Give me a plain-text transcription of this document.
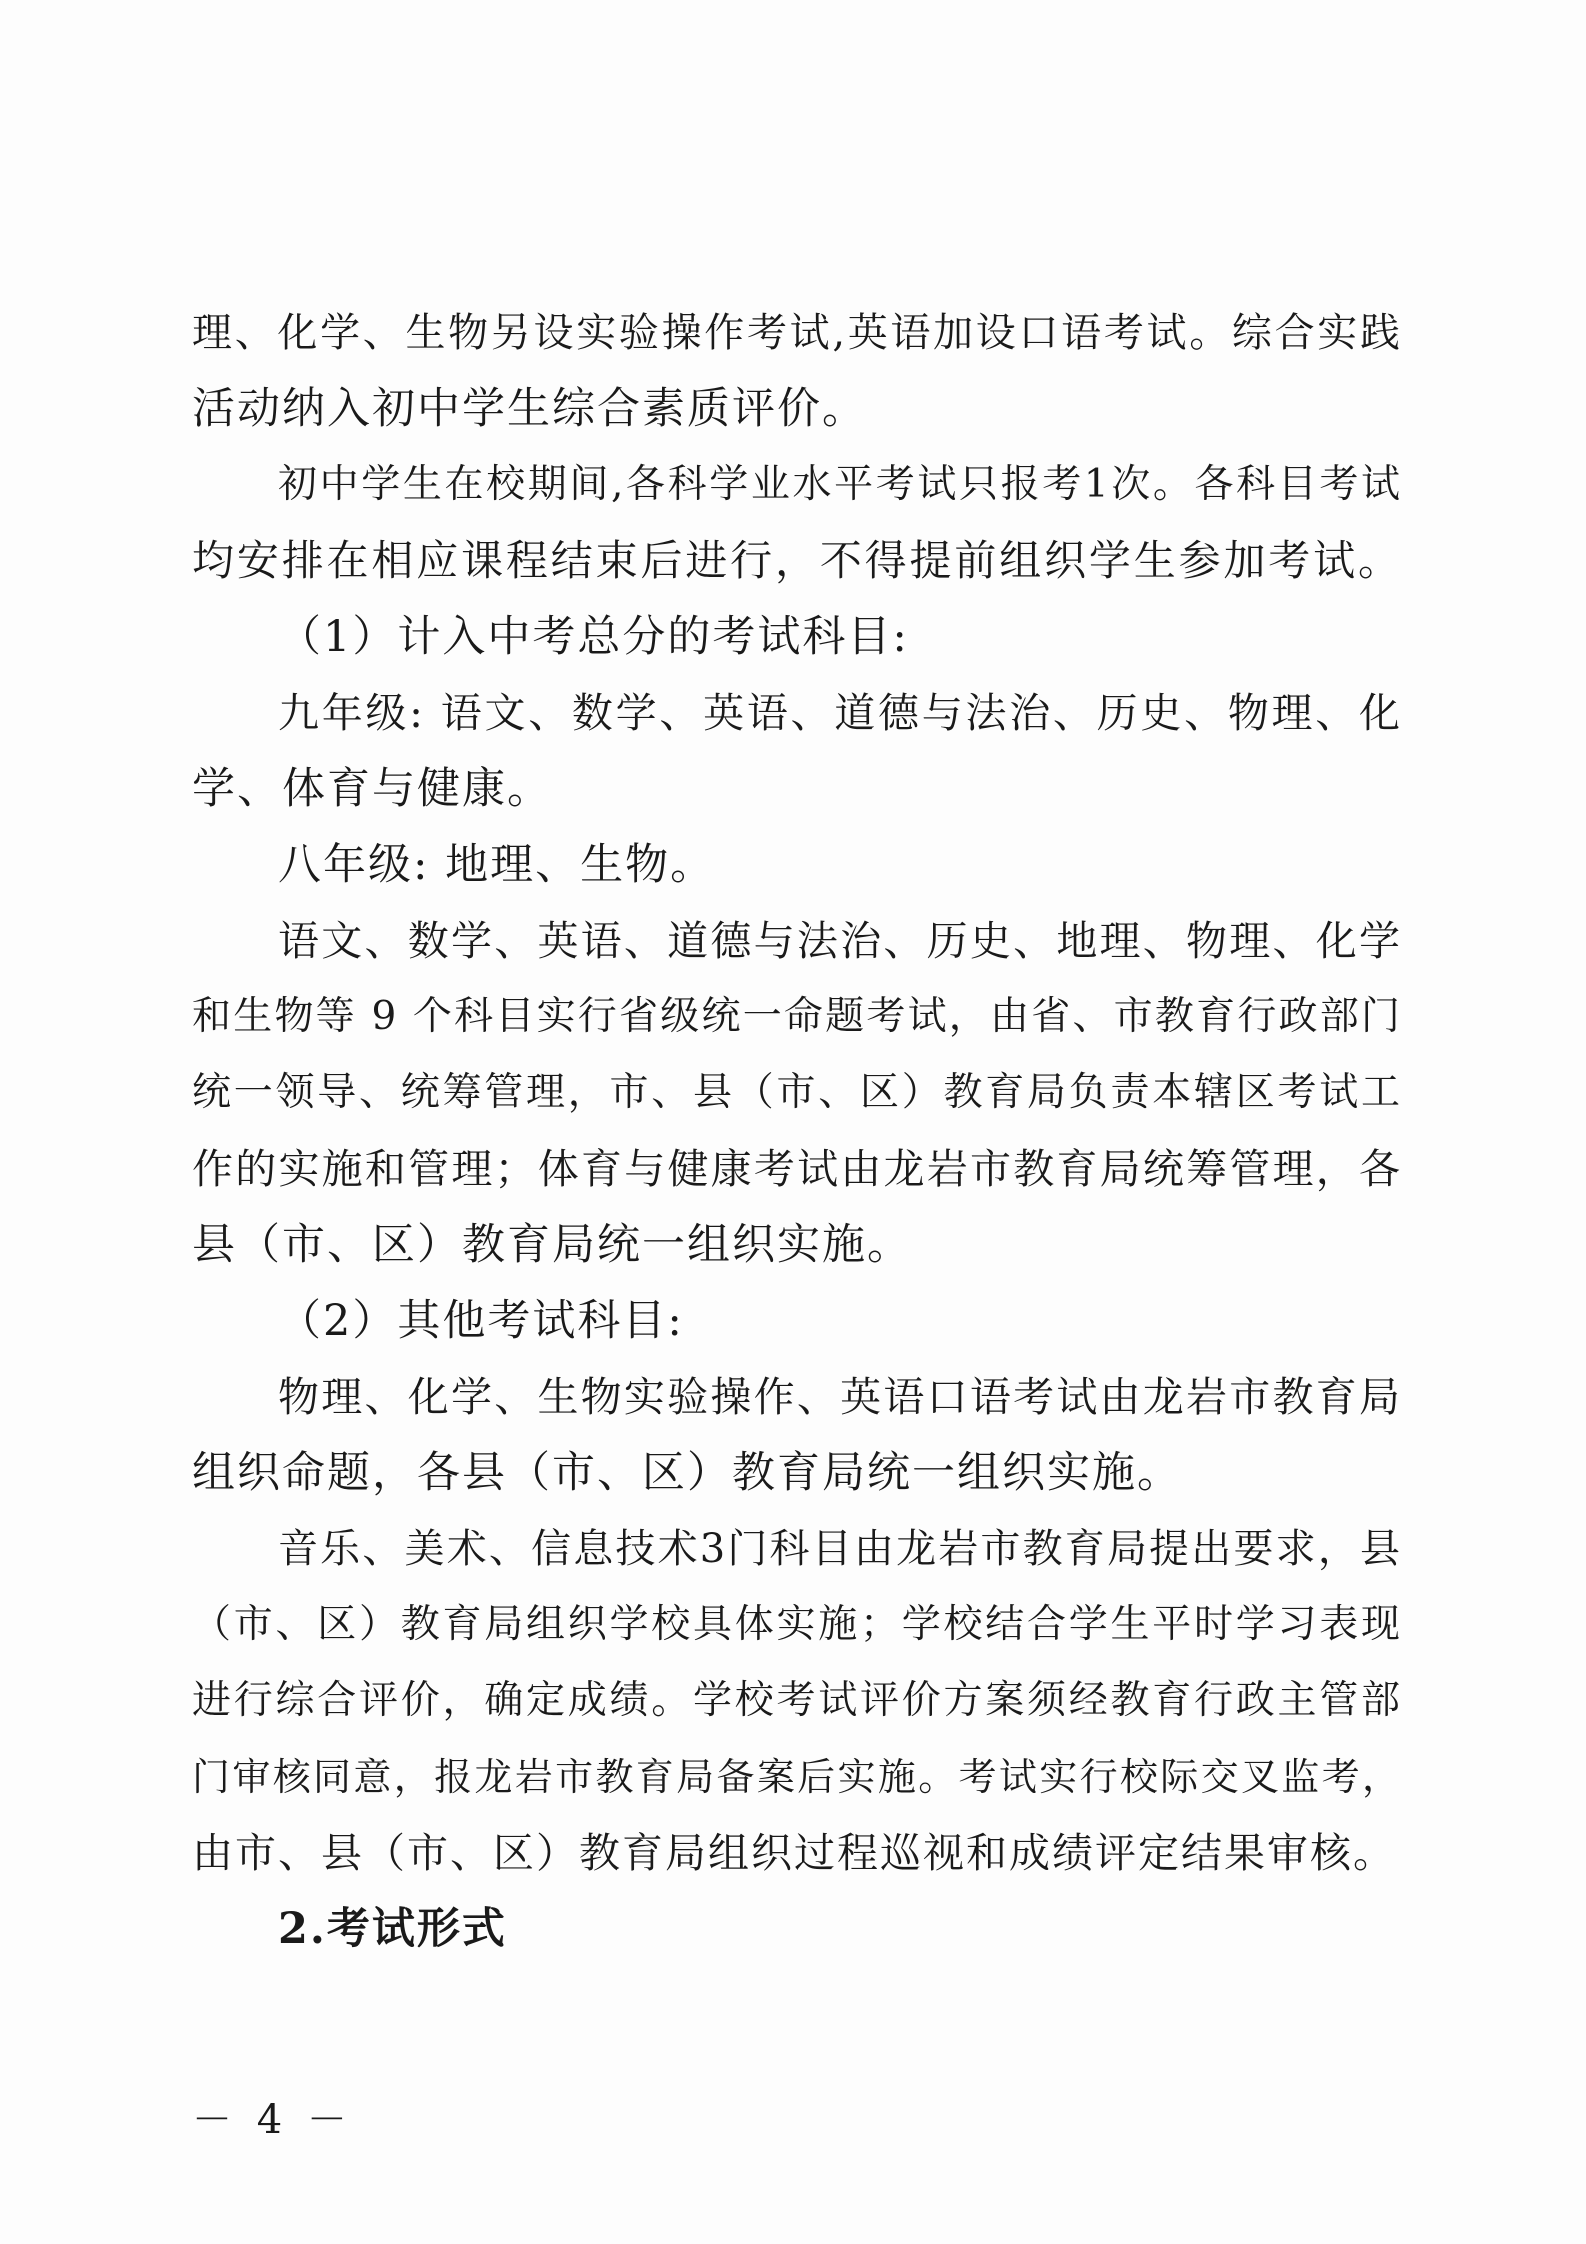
理、化学、生物另设实验操作考试,英语加设口语考试。综合实践
活动纳入初中学生综合素质评价。
初中学生在校期间,各科学业水平考试只报考1次。各科目考试
均安排在相应课程结束后进行，不得提前组织学生参加考试。
（1）计入中考总分的考试科目:
九年级: 语文、数学、英语、道德与法治、历史、物理、化
学、体育与健康。
八年级: 地理、生物。
语文、数学、英语、道德与法治、历史、地理、物理、化学
和生物等 9 个科目实行省级统一命题考试，由省、市教育行政部门
统一领导、统筹管理，市、县（市、区）教育局负责本辖区考试工
作的实施和管理；体育与健康考试由龙岩市教育局统筹管理，各
县（市、区）教育局统一组织实施。
（2）其他考试科目:
物理、化学、生物实验操作、英语口语考试由龙岩市教育局
组织命题，各县（市、区）教育局统一组织实施。
音乐、美术、信息技术3门科目由龙岩市教育局提出要求，县
（市、区）教育局组织学校具体实施；学校结合学生平时学习表现
进行综合评价，确定成绩。学校考试评价方案须经教育行政主管部
门审核同意，报龙岩市教育局备案后实施。考试实行校际交叉监考，
由市、县（市、区）教育局组织过程巡视和成绩评定结果审核。
2.考试形式
－ 4 －
